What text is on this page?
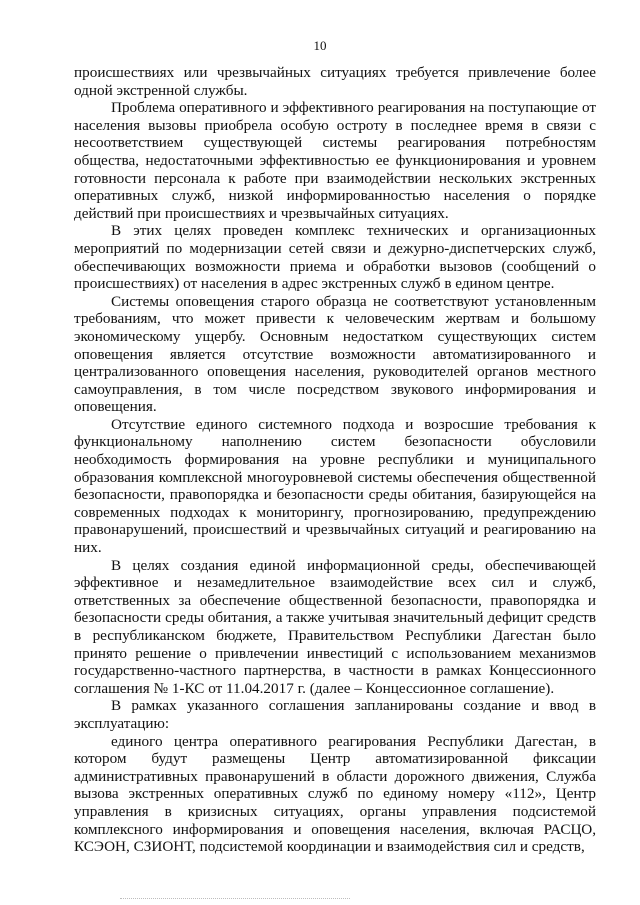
10

происшествиях или чрезвычайных ситуациях требуется привлечение более одной экстренной службы.

Проблема оперативного и эффективного реагирования на поступающие от населения вызовы приобрела особую остроту в последнее время в связи с несоответствием существующей системы реагирования потребностям общества, недостаточными эффективностью ее функционирования и уровнем готовности персонала к работе при взаимодействии нескольких экстренных оперативных служб, низкой информированностью населения о порядке действий при происшествиях и чрезвычайных ситуациях.

В этих целях проведен комплекс технических и организационных мероприятий по модернизации сетей связи и дежурно-диспетчерских служб, обеспечивающих возможности приема и обработки вызовов (сообщений о происшествиях) от населения в адрес экстренных служб в едином центре.

Системы оповещения старого образца не соответствуют установленным требованиям, что может привести к человеческим жертвам и большому экономическому ущербу. Основным недостатком существующих систем оповещения является отсутствие возможности автоматизированного и централизованного оповещения населения, руководителей органов местного самоуправления, в том числе посредством звукового информирования и оповещения.

Отсутствие единого системного подхода и возросшие требования к функциональному наполнению систем безопасности обусловили необходимость формирования на уровне республики и муниципального образования комплексной многоуровневой системы обеспечения общественной безопасности, правопорядка и безопасности среды обитания, базирующейся на современных подходах к мониторингу, прогнозированию, предупреждению правонарушений, происшествий и чрезвычайных ситуаций и реагированию на них.

В целях создания единой информационной среды, обеспечивающей эффективное и незамедлительное взаимодействие всех сил и служб, ответственных за обеспечение общественной безопасности, правопорядка и безопасности среды обитания, а также учитывая значительный дефицит средств в республиканском бюджете, Правительством Республики Дагестан было принято решение о привлечении инвестиций с использованием механизмов государственно-частного партнерства, в частности в рамках Концессионного соглашения № 1-КС от 11.04.2017 г. (далее – Концессионное соглашение).

В рамках указанного соглашения запланированы создание и ввод в эксплуатацию:

единого центра оперативного реагирования Республики Дагестан, в котором будут размещены Центр автоматизированной фиксации административных правонарушений в области дорожного движения, Служба вызова экстренных оперативных служб по единому номеру «112», Центр управления в кризисных ситуациях, органы управления подсистемой комплексного информирования и оповещения населения, включая РАСЦО, КСЭОН, СЗИОНТ, подсистемой координации и взаимодействия сил и средств,
